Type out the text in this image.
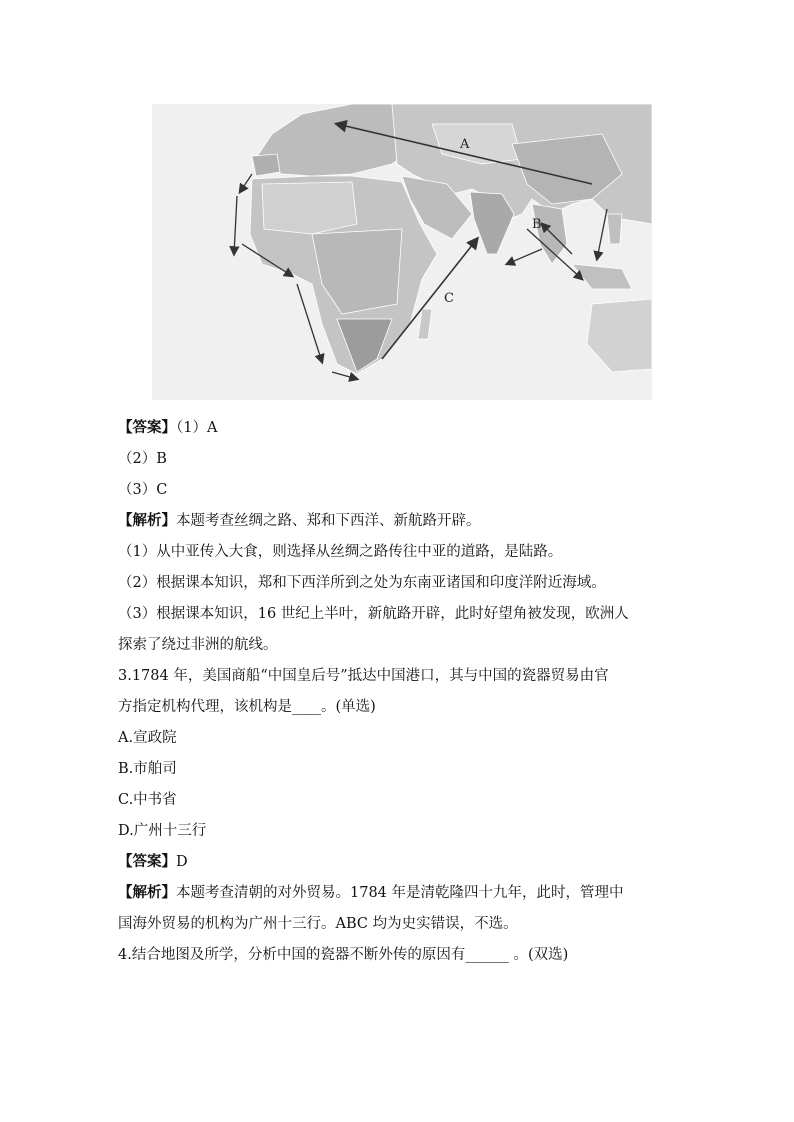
A
B
C
【答案】（1）A
（2）B
（3）C
【解析】本题考查丝绸之路、郑和下西洋、新航路开辟。
（1）从中亚传入大食，则选择从丝绸之路传往中亚的道路，是陆路。
（2）根据课本知识，郑和下西洋所到之处为东南亚诸国和印度洋附近海域。
（3）根据课本知识，16 世纪上半叶，新航路开辟，此时好望角被发现，欧洲人
探索了绕过非洲的航线。
3.1784 年，美国商船“中国皇后号”抵达中国港口，其与中国的瓷器贸易由官
方指定机构代理，该机构是____。(单选)
A.宣政院
B.市舶司
C.中书省
D.广州十三行
【答案】D
【解析】本题考查清朝的对外贸易。1784 年是清乾隆四十九年，此时，管理中
国海外贸易的机构为广州十三行。ABC 均为史实错误，不选。
4.结合地图及所学，分析中国的瓷器不断外传的原因有______ 。(双选)
